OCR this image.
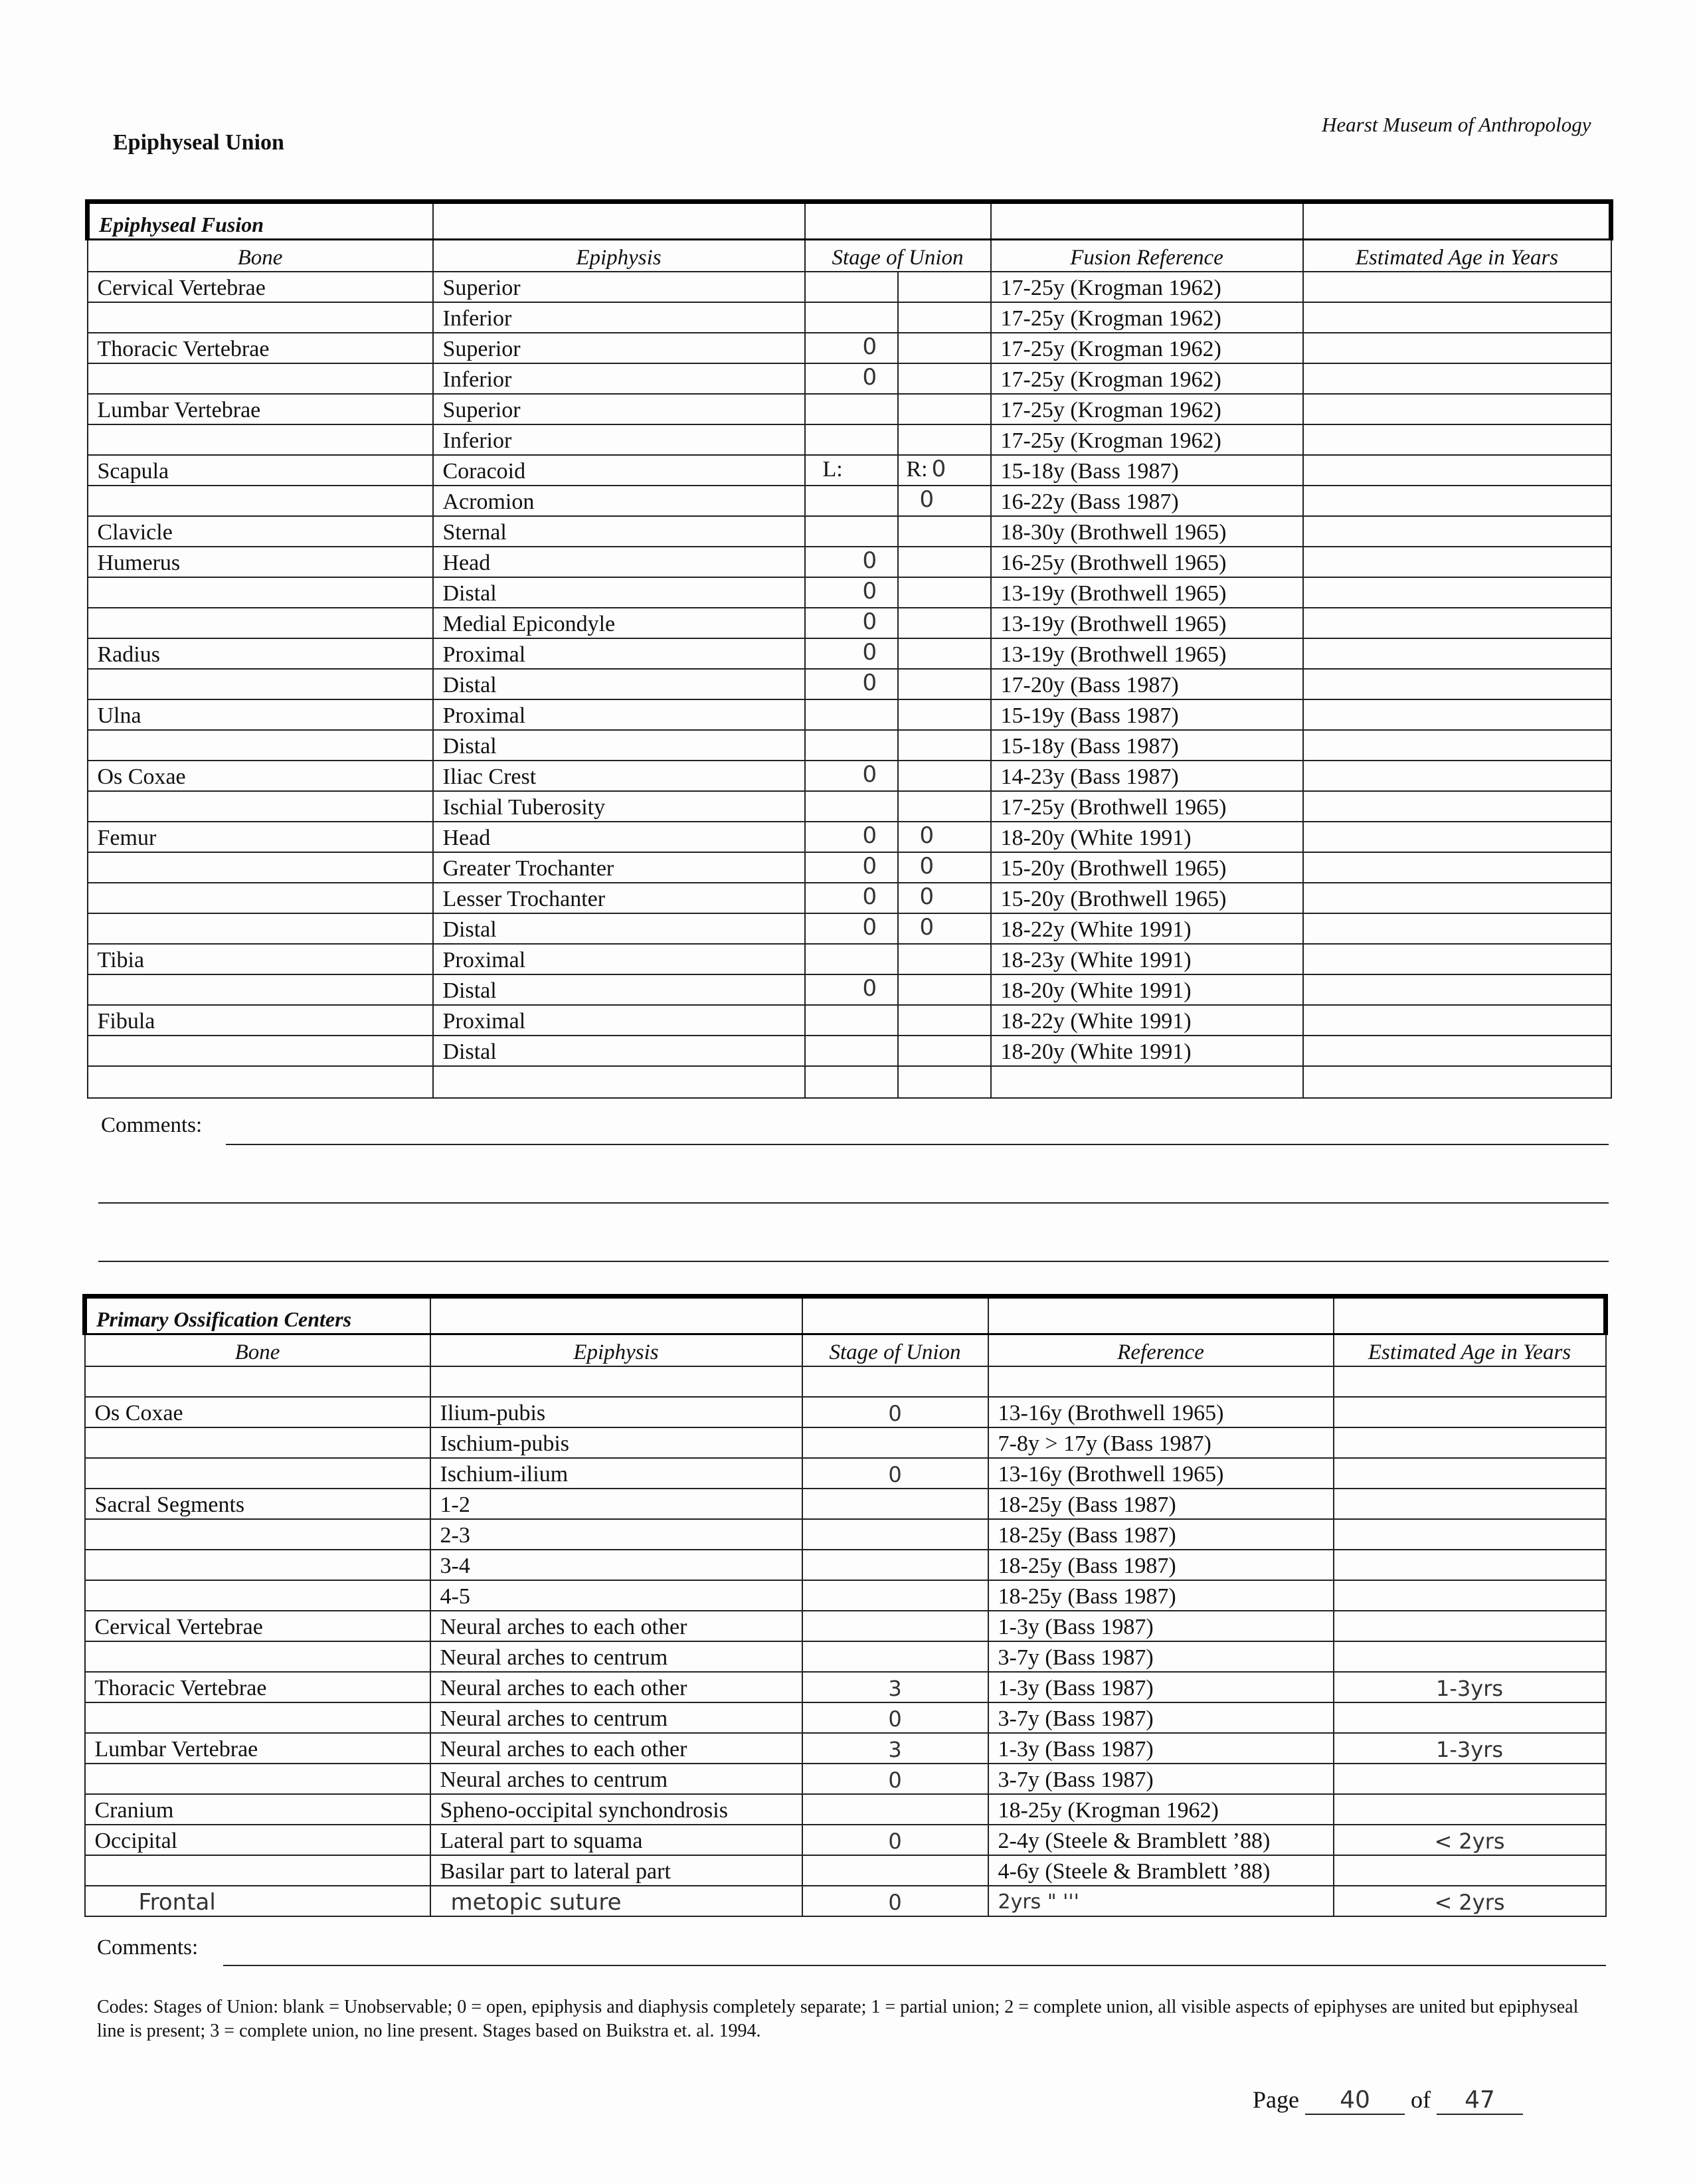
Epiphyseal Union
Hearst Museum of Anthropology
Epiphyseal Fusion				
Bone	Epiphysis	Stage of Union	Fusion Reference	Estimated Age in Years
Cervical Vertebrae	Superior		17-25y (Krogman 1962)	
	Inferior		17-25y (Krogman 1962)	
Thoracic Vertebrae	Superior	0	17-25y (Krogman 1962)	
	Inferior	0	17-25y (Krogman 1962)	
Lumbar Vertebrae	Superior		17-25y (Krogman 1962)	
	Inferior		17-25y (Krogman 1962)	
Scapula	Coracoid	L: R: 0	15-18y (Bass 1987)	
	Acromion	0	16-22y (Bass 1987)	
Clavicle	Sternal		18-30y (Brothwell 1965)	
Humerus	Head	0	16-25y (Brothwell 1965)	
	Distal	0	13-19y (Brothwell 1965)	
	Medial Epicondyle	0	13-19y (Brothwell 1965)	
Radius	Proximal	0	13-19y (Brothwell 1965)	
	Distal	0	17-20y (Bass 1987)	
Ulna	Proximal		15-19y (Bass 1987)	
	Distal		15-18y (Bass 1987)	
Os Coxae	Iliac Crest	0	14-23y (Bass 1987)	
	Ischial Tuberosity		17-25y (Brothwell 1965)	
Femur	Head	0 0	18-20y (White 1991)	
	Greater Trochanter	0 0	15-20y (Brothwell 1965)	
	Lesser Trochanter	0 0	15-20y (Brothwell 1965)	
	Distal	0 0	18-22y (White 1991)	
Tibia	Proximal		18-23y (White 1991)	
	Distal	0	18-20y (White 1991)	
Fibula	Proximal		18-22y (White 1991)	
	Distal		18-20y (White 1991)	

Comments:
Primary Ossification Centers				
Bone	Epiphysis	Stage of Union	Reference	Estimated Age in Years

Os Coxae	Ilium-pubis	0	13-16y (Brothwell 1965)	
	Ischium-pubis		7-8y > 17y (Bass 1987)	
	Ischium-ilium	0	13-16y (Brothwell 1965)	
Sacral Segments	1-2		18-25y (Bass 1987)	
	2-3		18-25y (Bass 1987)	
	3-4		18-25y (Bass 1987)	
	4-5		18-25y (Bass 1987)	
Cervical Vertebrae	Neural arches to each other		1-3y (Bass 1987)	
	Neural arches to centrum		3-7y (Bass 1987)	
Thoracic Vertebrae	Neural arches to each other	3	1-3y (Bass 1987)	1-3yrs
	Neural arches to centrum	0	3-7y (Bass 1987)	
Lumbar Vertebrae	Neural arches to each other	3	1-3y (Bass 1987)	1-3yrs
	Neural arches to centrum	0	3-7y (Bass 1987)	
Cranium	Spheno-occipital synchondrosis		18-25y (Krogman 1962)	
Occipital	Lateral part to squama	0	2-4y (Steele & Bramblett ’88)	< 2yrs
	Basilar part to lateral part		4-6y (Steele & Bramblett ’88)	
Frontal	metopic suture	0	2yrs " '''	< 2yrs
Comments:
Codes: Stages of Union: blank = Unobservable; 0 = open, epiphysis and diaphysis completely separate; 1 = partial union; 2 = complete union, all visible aspects of epiphyses are united but epiphyseal line is present; 3 = complete union, no line present. Stages based on Buikstra et. al. 1994.
Page 40 of 47
